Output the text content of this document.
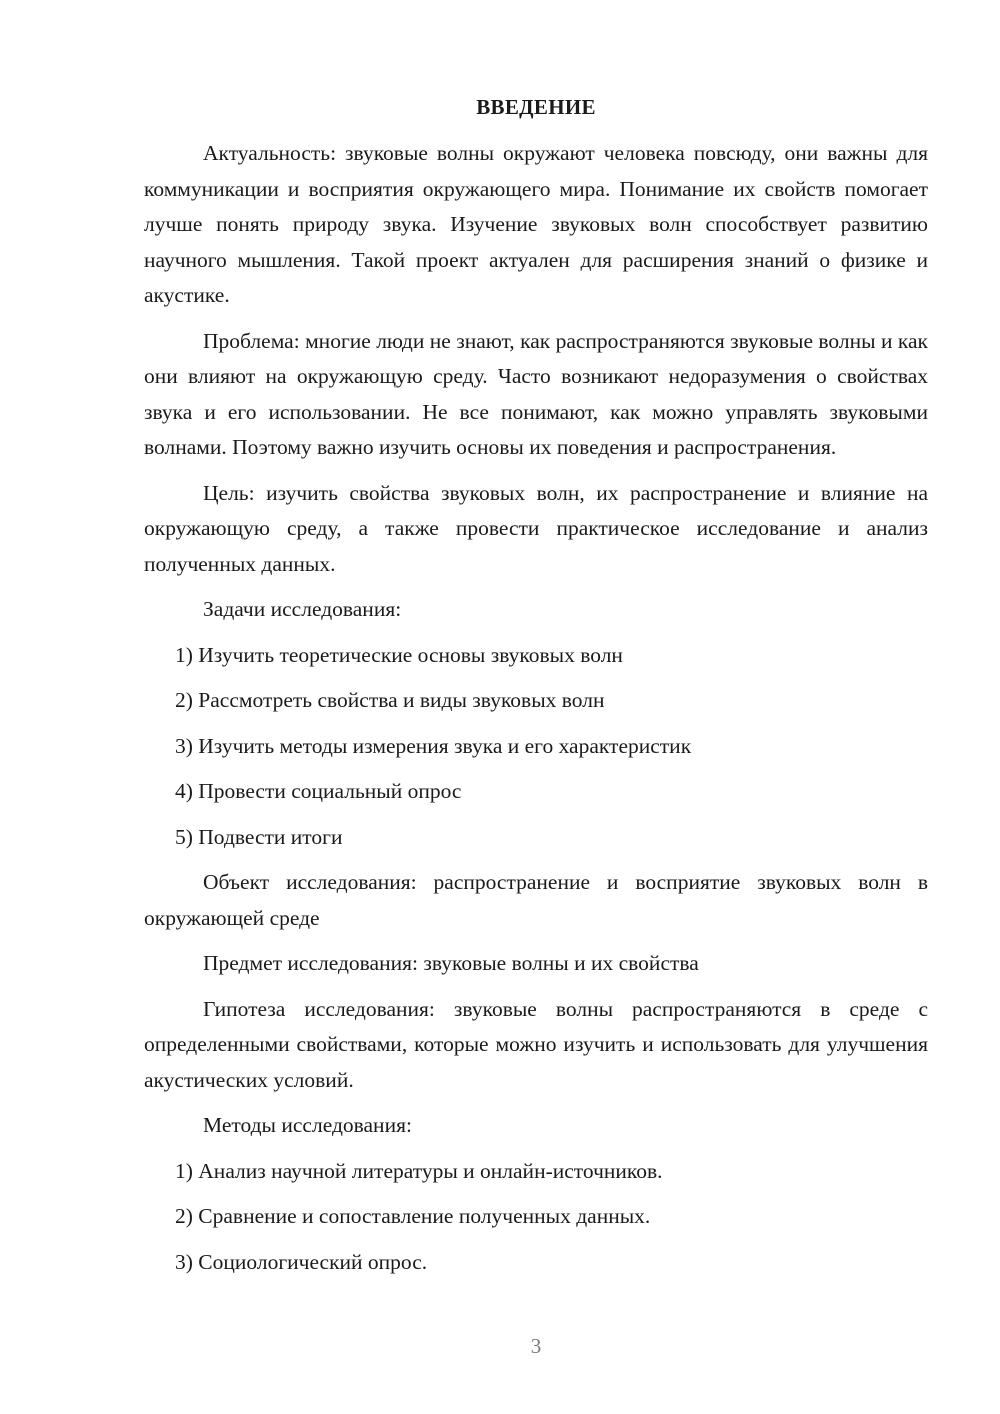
ВВЕДЕНИЕ

Актуальность: звуковые волны окружают человека повсюду, они важны для коммуникации и восприятия окружающего мира. Понимание их свойств помогает лучше понять природу звука. Изучение звуковых волн способствует развитию научного мышления. Такой проект актуален для расширения знаний о физике и акустике.

Проблема: многие люди не знают, как распространяются звуковые волны и как они влияют на окружающую среду. Часто возникают недоразумения о свойствах звука и его использовании. Не все понимают, как можно управлять звуковыми волнами. Поэтому важно изучить основы их поведения и распространения.

Цель: изучить свойства звуковых волн, их распространение и влияние на окружающую среду, а также провести практическое исследование и анализ полученных данных.

Задачи исследования:

1) Изучить теоретические основы звуковых волн

2) Рассмотреть свойства и виды звуковых волн

3) Изучить методы измерения звука и его характеристик

4) Провести социальный опрос

5) Подвести итоги

Объект исследования: распространение и восприятие звуковых волн в окружающей среде

Предмет исследования: звуковые волны и их свойства

Гипотеза исследования: звуковые волны распространяются в среде с определенными свойствами, которые можно изучить и использовать для улучшения акустических условий.

Методы исследования:

1) Анализ научной литературы и онлайн-источников.

2) Сравнение и сопоставление полученных данных.

3) Социологический опрос.

3
